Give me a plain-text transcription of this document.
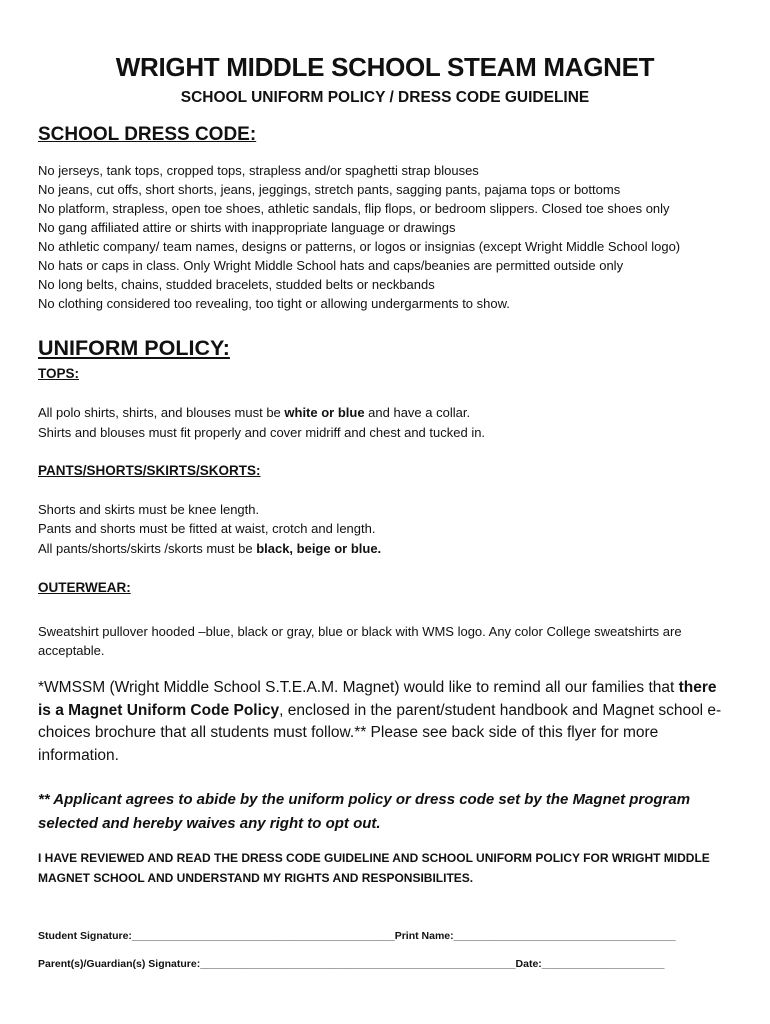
WRIGHT MIDDLE SCHOOL STEAM MAGNET
SCHOOL UNIFORM POLICY / DRESS CODE GUIDELINE
SCHOOL DRESS CODE:
No jerseys, tank tops, cropped tops, strapless and/or spaghetti strap blouses
No jeans, cut offs, short shorts, jeans, jeggings, stretch pants, sagging pants, pajama tops or bottoms
No platform, strapless, open toe shoes, athletic sandals, flip flops, or bedroom slippers. Closed toe shoes only
No gang affiliated attire or shirts with inappropriate language or drawings
No athletic company/ team names, designs or patterns, or logos or insignias (except Wright Middle School logo)
No hats or caps in class. Only Wright Middle School hats and caps/beanies are permitted outside only
No long belts, chains, studded bracelets, studded belts or neckbands
No clothing considered too revealing, too tight or allowing undergarments to show.
UNIFORM POLICY:
TOPS:
All polo shirts, shirts, and blouses must be white or blue and have a collar.
Shirts and blouses must fit properly and cover midriff and chest and tucked in.
PANTS/SHORTS/SKIRTS/SKORTS:
Shorts and skirts must be knee length.
Pants and shorts must be fitted at waist, crotch and length.
All pants/shorts/skirts /skorts must be black, beige or blue.
OUTERWEAR:
Sweatshirt pullover hooded –blue, black or gray, blue or black with WMS logo. Any color College sweatshirts are
acceptable.

*WMSSM (Wright Middle School S.T.E.A.M. Magnet) would like to remind all our families that there is a Magnet Uniform Code Policy, enclosed in the parent/student handbook and Magnet school e-choices brochure that all students must follow.** Please see back side of this flyer for more information.

** Applicant agrees to abide by the uniform policy or dress code set by the Magnet program selected and hereby waives any right to opt out.

I HAVE REVIEWED AND READ THE DRESS CODE GUIDELINE AND SCHOOL UNIFORM POLICY FOR WRIGHT MIDDLE MAGNET SCHOOL AND UNDERSTAND MY RIGHTS AND RESPONSIBILITES.

Student Signature:_____________________________________________Print Name:______________________________________
Parent(s)/Guardian(s) Signature:______________________________________________________Date:_____________________
